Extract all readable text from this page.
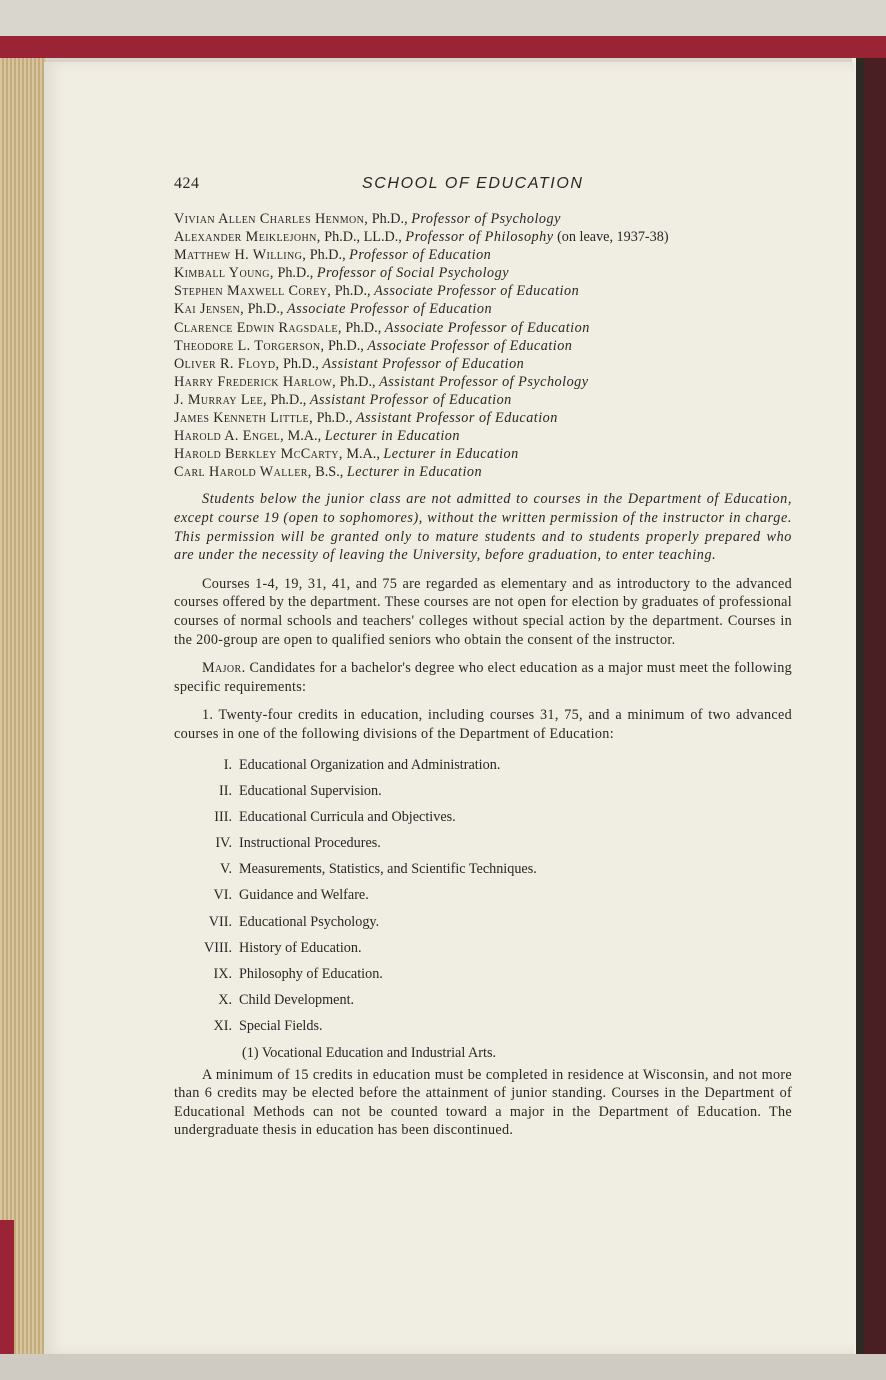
424	SCHOOL OF EDUCATION
Vivian Allen Charles Henmon, Ph.D., Professor of Psychology
Alexander Meiklejohn, Ph.D., LL.D., Professor of Philosophy (on leave, 1937-38)
Matthew H. Willing, Ph.D., Professor of Education
Kimball Young, Ph.D., Professor of Social Psychology
Stephen Maxwell Corey, Ph.D., Associate Professor of Education
Kai Jensen, Ph.D., Associate Professor of Education
Clarence Edwin Ragsdale, Ph.D., Associate Professor of Education
Theodore L. Torgerson, Ph.D., Associate Professor of Education
Oliver R. Floyd, Ph.D., Assistant Professor of Education
Harry Frederick Harlow, Ph.D., Assistant Professor of Psychology
J. Murray Lee, Ph.D., Assistant Professor of Education
James Kenneth Little, Ph.D., Assistant Professor of Education
Harold A. Engel, M.A., Lecturer in Education
Harold Berkley McCarty, M.A., Lecturer in Education
Carl Harold Waller, B.S., Lecturer in Education

Students below the junior class are not admitted to courses in the Department of Education, except course 19 (open to sophomores), without the written permission of the instructor in charge. This permission will be granted only to mature students and to students properly prepared who are under the necessity of leaving the University, before graduation, to enter teaching.

Courses 1-4, 19, 31, 41, and 75 are regarded as elementary and as introductory to the advanced courses offered by the department. These courses are not open for election by graduates of professional courses of normal schools and teachers' colleges without special action by the department. Courses in the 200-group are open to qualified seniors who obtain the consent of the instructor.

Major. Candidates for a bachelor's degree who elect education as a major must meet the following specific requirements:

1. Twenty-four credits in education, including courses 31, 75, and a minimum of two advanced courses in one of the following divisions of the Department of Education:

I. Educational Organization and Administration.
II. Educational Supervision.
III. Educational Curricula and Objectives.
IV. Instructional Procedures.
V. Measurements, Statistics, and Scientific Techniques.
VI. Guidance and Welfare.
VII. Educational Psychology.
VIII. History of Education.
IX. Philosophy of Education.
X. Child Development.
XI. Special Fields.
(1) Vocational Education and Industrial Arts.

A minimum of 15 credits in education must be completed in residence at Wisconsin, and not more than 6 credits may be elected before the attainment of junior standing. Courses in the Department of Educational Methods can not be counted toward a major in the Department of Education. The undergraduate thesis in education has been discontinued.
